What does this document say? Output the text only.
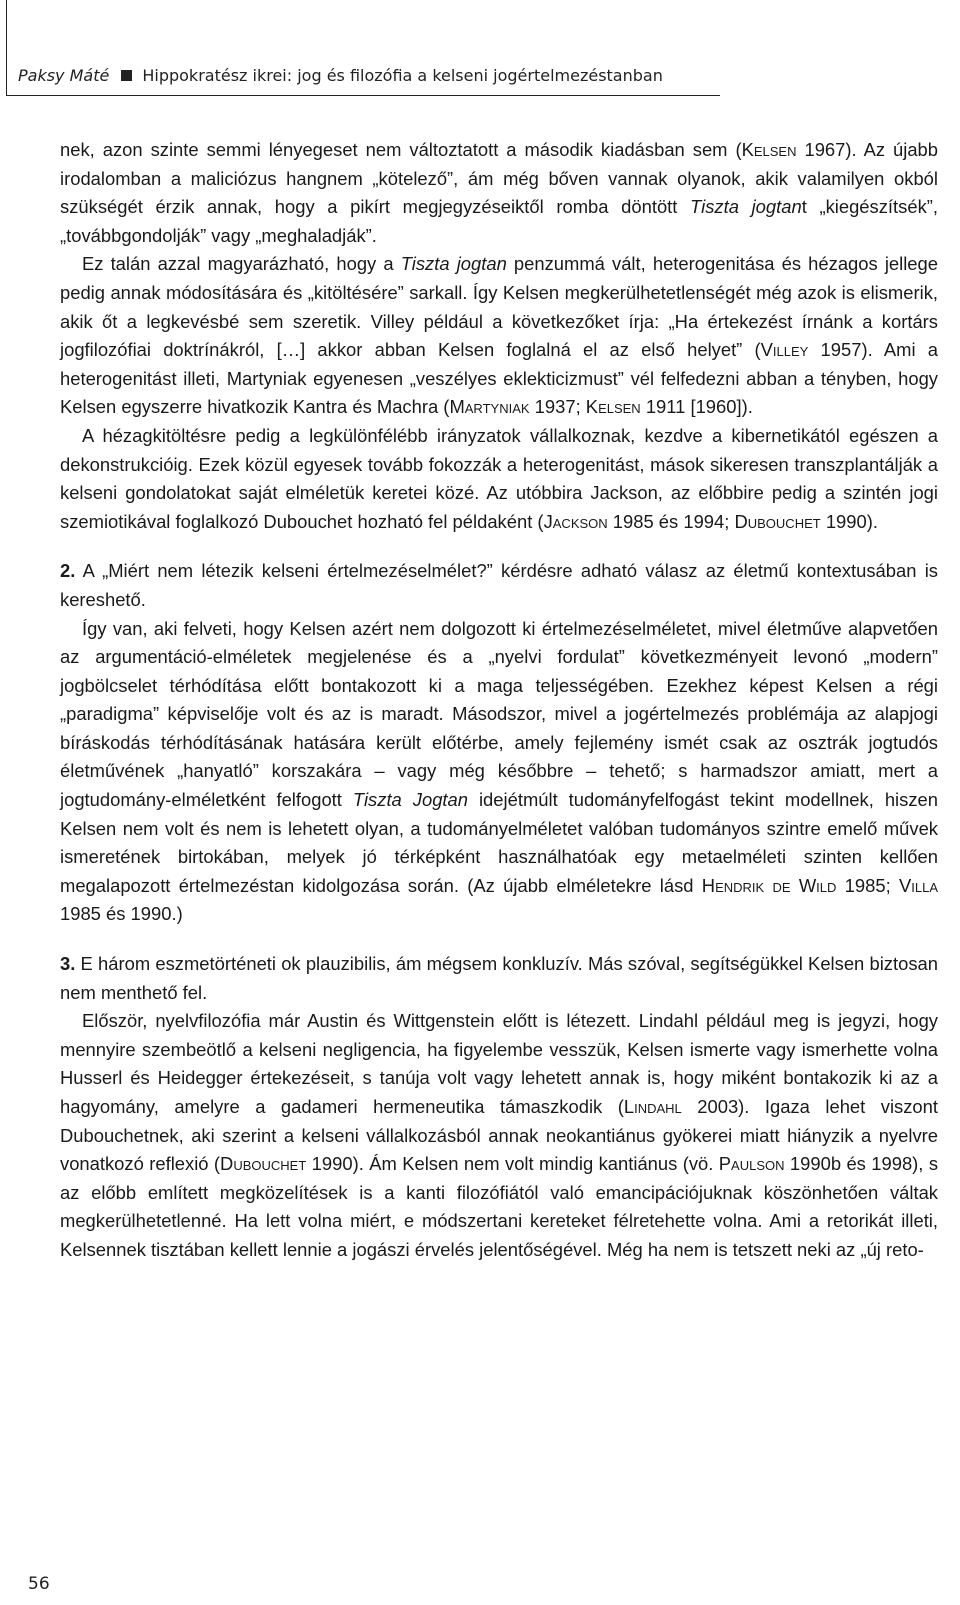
Paksy Máté Hippokratész ikrei: jog és filozófia a kelseni jogértelmezéstanban

nek, azon szinte semmi lényegeset nem változtatott a második kiadásban sem (Kelsen 1967). Az újabb irodalomban a maliciózus hangnem „kötelező”, ám még bőven vannak olyanok, akik valamilyen okból szükségét érzik annak, hogy a pikírt megjegyzéseiktől romba döntött Tiszta jogtant „kiegészítsék”, „továbbgondolják” vagy „meghaladják”.

Ez talán azzal magyarázható, hogy a Tiszta jogtan penzummá vált, heterogenitása és hézagos jellege pedig annak módosítására és „kitöltésére” sarkall. Így Kelsen megkerülhetetlenségét még azok is elismerik, akik őt a legkevésbé sem szeretik. Villey például a következőket írja: „Ha értekezést írnánk a kortárs jogfilozófiai doktrínákról, […] akkor abban Kelsen foglalná el az első helyet” (Villey 1957). Ami a heterogenitást illeti, Martyniak egyenesen „veszélyes eklekticizmust” vél felfedezni abban a tényben, hogy Kelsen egyszerre hivatkozik Kantra és Machra (Martyniak 1937; Kelsen 1911 [1960]).

A hézagkitöltésre pedig a legkülönfélébb irányzatok vállalkoznak, kezdve a kibernetikától egészen a dekonstrukcióig. Ezek közül egyesek tovább fokozzák a heterogenitást, mások sikeresen transzplantálják a kelseni gondolatokat saját elméletük keretei közé. Az utóbbira Jackson, az előbbire pedig a szintén jogi szemiotikával foglalkozó Dubouchet hozható fel példaként (Jackson 1985 és 1994; Dubouchet 1990).

2. A „Miért nem létezik kelseni értelmezéselmélet?” kérdésre adható válasz az életmű kontextusában is kereshető.

Így van, aki felveti, hogy Kelsen azért nem dolgozott ki értelmezéselméletet, mivel életműve alapvetően az argumentáció-elméletek megjelenése és a „nyelvi fordulat” következményeit levonó „modern” jogbölcselet térhódítása előtt bontakozott ki a maga teljességében. Ezekhez képest Kelsen a régi „paradigma” képviselője volt és az is maradt. Másodszor, mivel a jogértelmezés problémája az alapjogi bíráskodás térhódításának hatására került előtérbe, amely fejlemény ismét csak az osztrák jogtudós életművének „hanyatló” korszakára – vagy még későbbre – tehető; s harmadszor amiatt, mert a jogtudomány-elméletként felfogott Tiszta Jogtan idejétmúlt tudományfelfogást tekint modellnek, hiszen Kelsen nem volt és nem is lehetett olyan, a tudományelméletet valóban tudományos szintre emelő művek ismeretének birtokában, melyek jó térképként használhatóak egy metaelméleti szinten kellően megalapozott értelmezéstan kidolgozása során. (Az újabb elméletekre lásd Hendrik de Wild 1985; Villa 1985 és 1990.)

3. E három eszmetörténeti ok plauzibilis, ám mégsem konkluzív. Más szóval, segítségükkel Kelsen biztosan nem menthető fel.

Először, nyelvfilozófia már Austin és Wittgenstein előtt is létezett. Lindahl például meg is jegyzi, hogy mennyire szembeötlő a kelseni negligencia, ha figyelembe vesszük, Kelsen ismerte vagy ismerhette volna Husserl és Heidegger értekezéseit, s tanúja volt vagy lehetett annak is, hogy miként bontakozik ki az a hagyomány, amelyre a gadameri hermeneutika támaszkodik (Lindahl 2003). Igaza lehet viszont Dubouchetnek, aki szerint a kelseni vállalkozásból annak neokantiánus gyökerei miatt hiányzik a nyelvre vonatkozó reflexió (Dubouchet 1990). Ám Kelsen nem volt mindig kantiánus (vö. Paulson 1990b és 1998), s az előbb említett megközelítések is a kanti filozófiától való emancipációjuknak köszönhetően váltak megkerülhetetlenné. Ha lett volna miért, e módszertani kereteket félretehette volna. Ami a retorikát illeti, Kelsennek tisztában kellett lennie a jogászi érvelés jelentőségével. Még ha nem is tetszett neki az „új reto-

56
